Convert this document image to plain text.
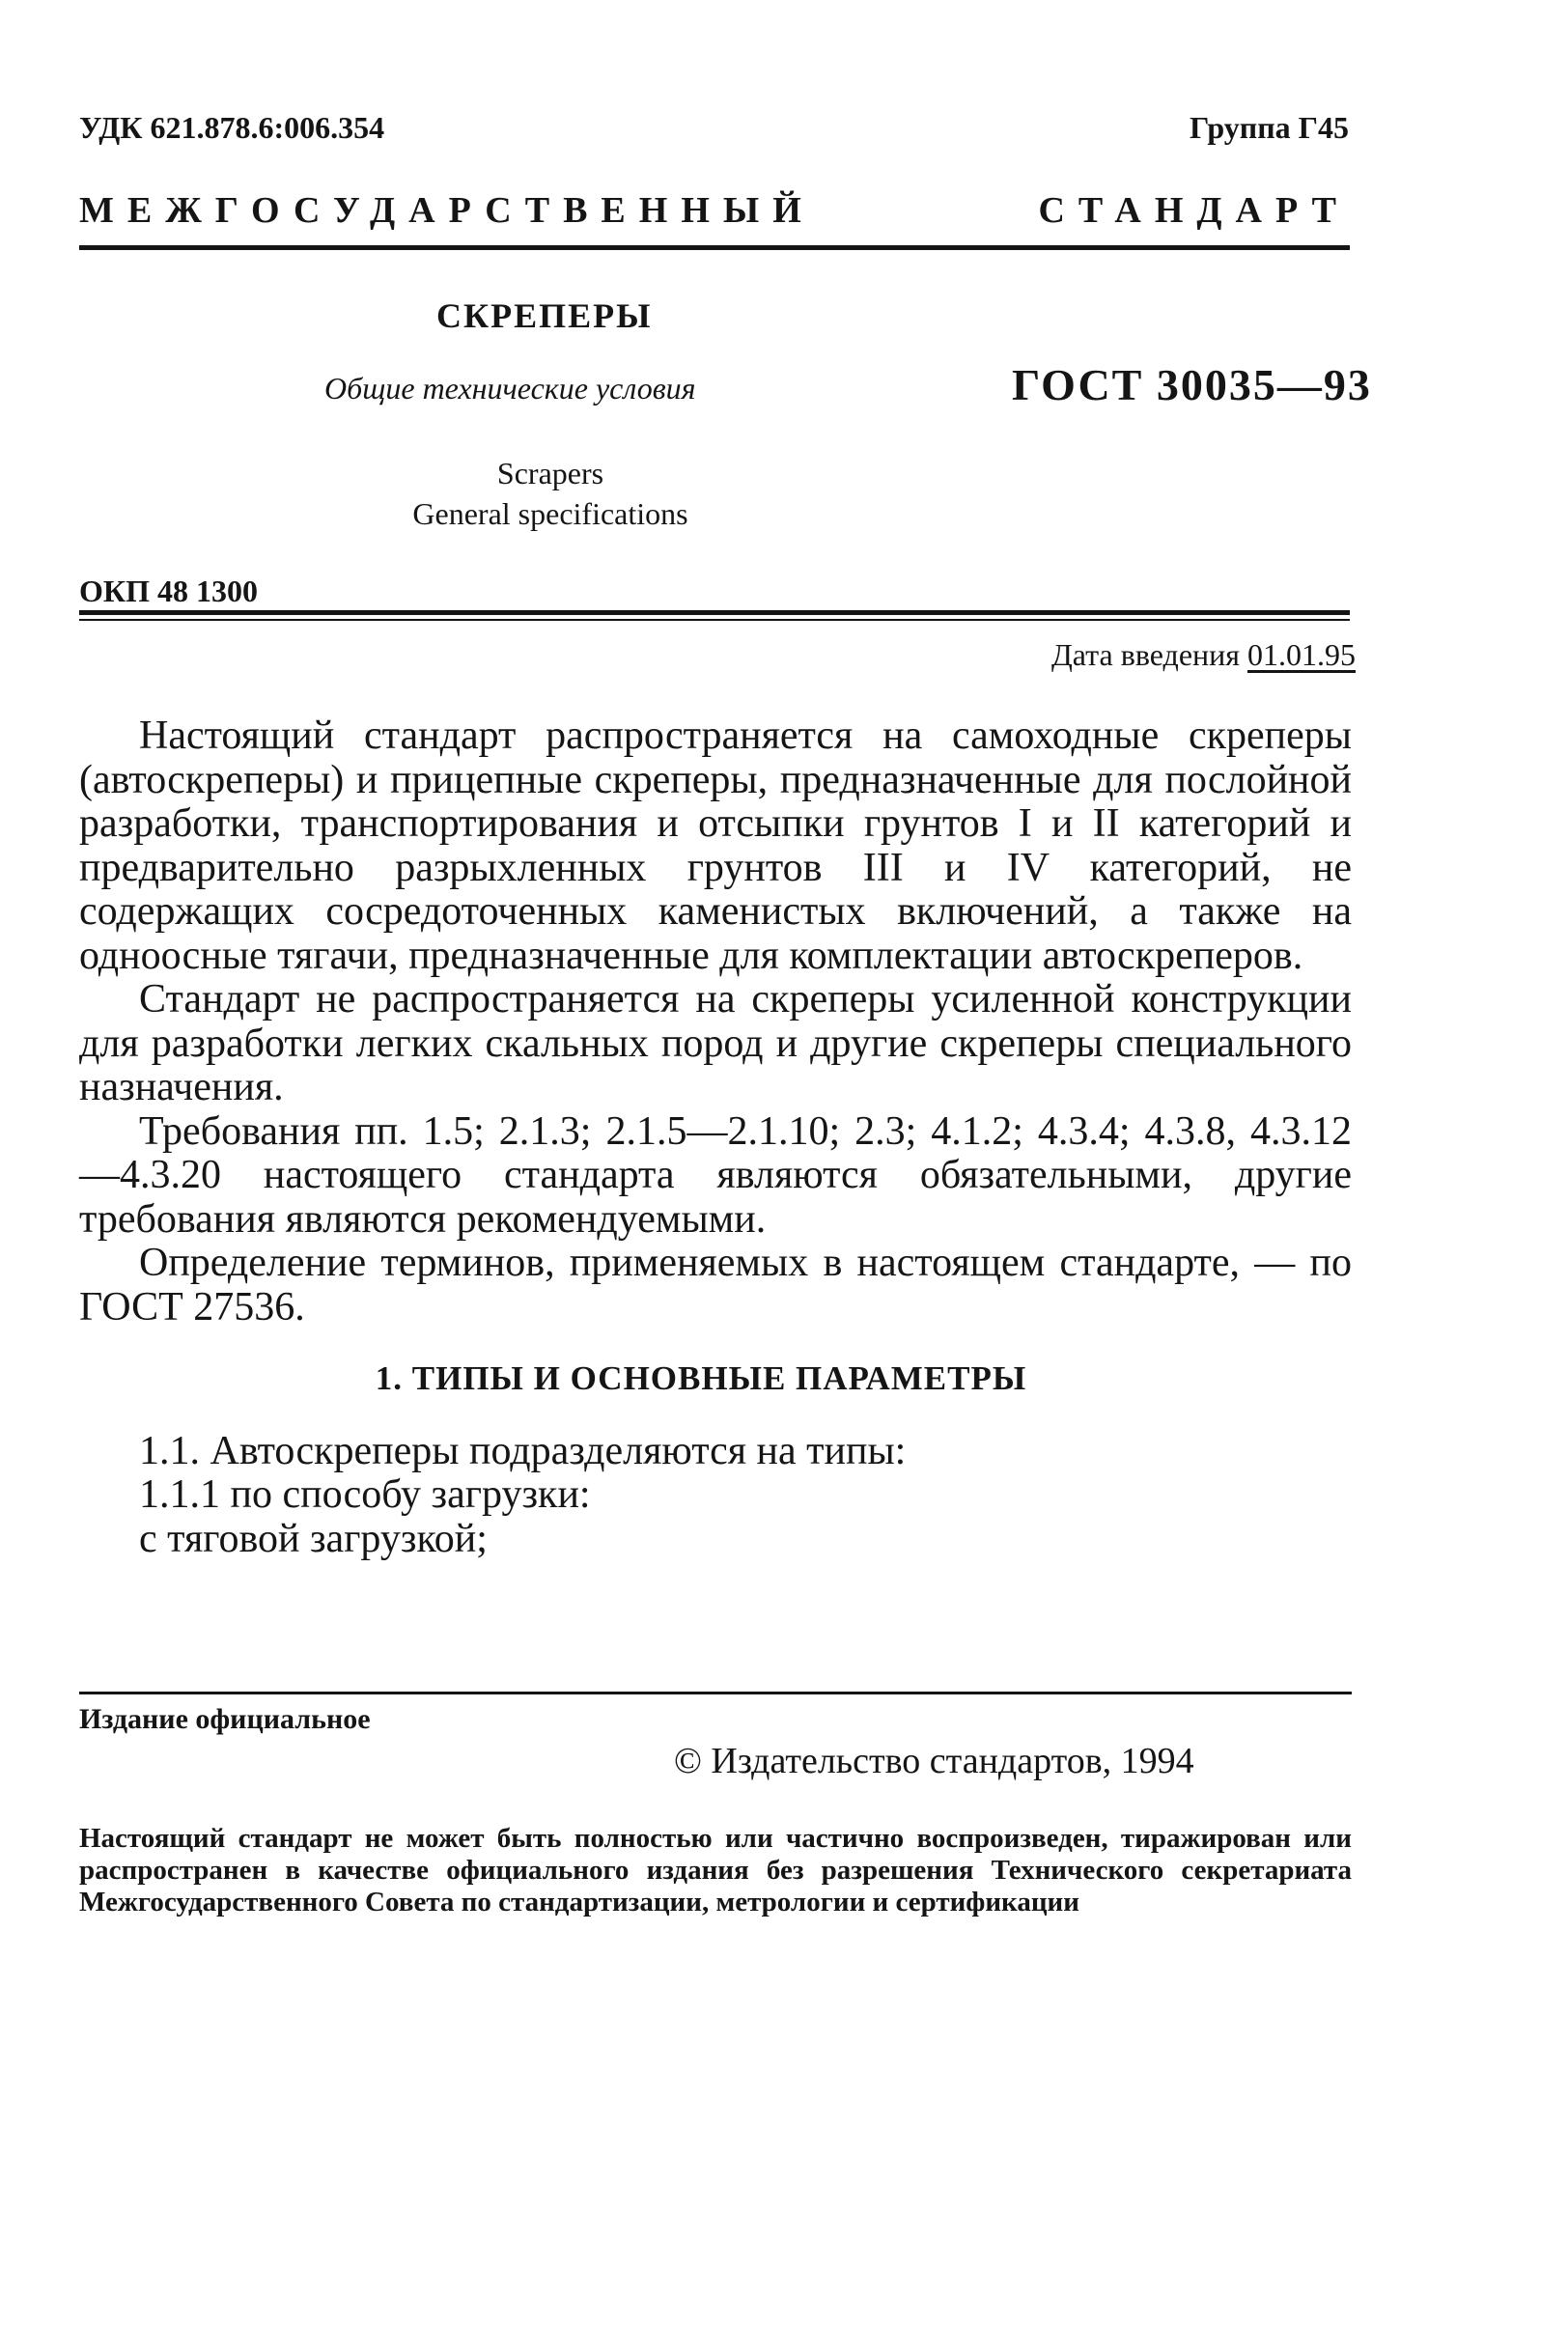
УДК 621.878.6:006.354	Группа Г45
МЕЖГОСУДАРСТВЕННЫЙ	СТАНДАРТ
СКРЕПЕРЫ
Общие технические условия	ГОСТ 30035—93
Scrapers
General specifications
ОКП 48 1300
Дата введения 01.01.95

Настоящий стандарт распространяется на самоходные скреперы (автоскреперы) и прицепные скреперы, предназначенные для послойной разработки, транспортирования и отсыпки грунтов I и II категорий и предварительно разрыхленных грунтов III и IV категорий, не содержащих сосредоточенных каменистых включений, а также на одноосные тягачи, предназначенные для комплектации автоскреперов.

Стандарт не распространяется на скреперы усиленной конструкции для разработки легких скальных пород и другие скреперы специального назначения.

Требования пп. 1.5; 2.1.3; 2.1.5—2.1.10; 2.3; 4.1.2; 4.3.4; 4.3.8, 4.3.12—4.3.20 настоящего стандарта являются обязательными, другие требования являются рекомендуемыми.

Определение терминов, применяемых в настоящем стандарте, — по ГОСТ 27536.

1. ТИПЫ И ОСНОВНЫЕ ПАРАМЕТРЫ

1.1. Автоскреперы подразделяются на типы:

1.1.1 по способу загрузки:

с тяговой загрузкой;

Издание официальное
© Издательство стандартов, 1994
Настоящий стандарт не может быть полностью или частично воспроизведен, тиражирован или распространен в качестве официального издания без разрешения Технического секретариата Межгосударственного Совета по стандартизации, метрологии и сертификации
